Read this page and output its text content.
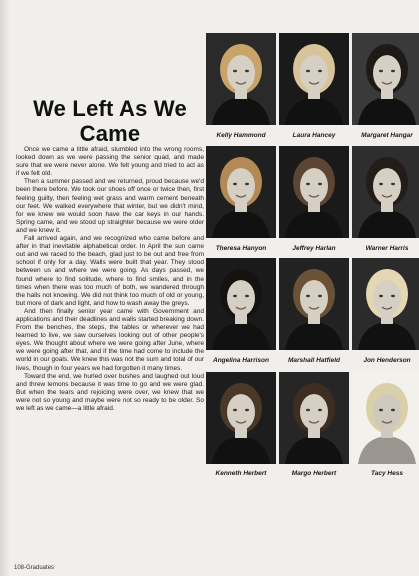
We Left As We
Came

Once we came a little afraid, stumbled into the wrong rooms, looked down as we were passing the senior quad, and made sure that we were never alone. We felt young and tried to act as if we felt old.

Then a summer passed and we returned, proud because we'd been there before. We took our shoes off once or twice then, first feeling guilty, then feeling wet grass and warm cement beneath our feet. We walked everywhere that winter, but we didn't mind, for we knew we would soon have the car keys in our hands. Spring came, and we stood up straighter because we were older and we knew it.

Fall arrived again, and we recognized who came before and after in that inevitable alphabetical order. In April the sun came out and we raced to the beach, glad just to be out and free from school if only for a day. Walls were built that year. They stood between us and where we were going. As days passed, we found where to find solitude, where to find smiles, and in the times when there was too much of both, we wandered through the halls not knowing. We did not think too much of old or young, but more of dark and light, and how to wash away the greys.

And then finally senior year came with Government and applications and their deadlines and walls started breaking down. From the benches, the steps, the tables or wherever we had learned to live, we saw ourselves looking out of other people's eyes. We thought about where we were going after June, where we were going after that, and if the time had come to include the world in our goals. We knew this was not the sum and total of our lives, though in four years we had forgotten it many times.

Toward the end, we hurled over bushes and laughed out loud and threw lemons because it was time to go and we were glad. But when the tears and rejoicing were over, we knew that we were not so young and maybe were not so ready to be older. So we left as we came—a little afraid.

Kelly Hammond	Laura Hancey	Margaret Hangar
Theresa Hanyon	Jeffrey Harlan	Warner Harris
Angelina Harrison	Marshall Hatfield	Jon Henderson
Kenneth Herbert	Margo Herbert	Tacy Hess
108-Graduates
